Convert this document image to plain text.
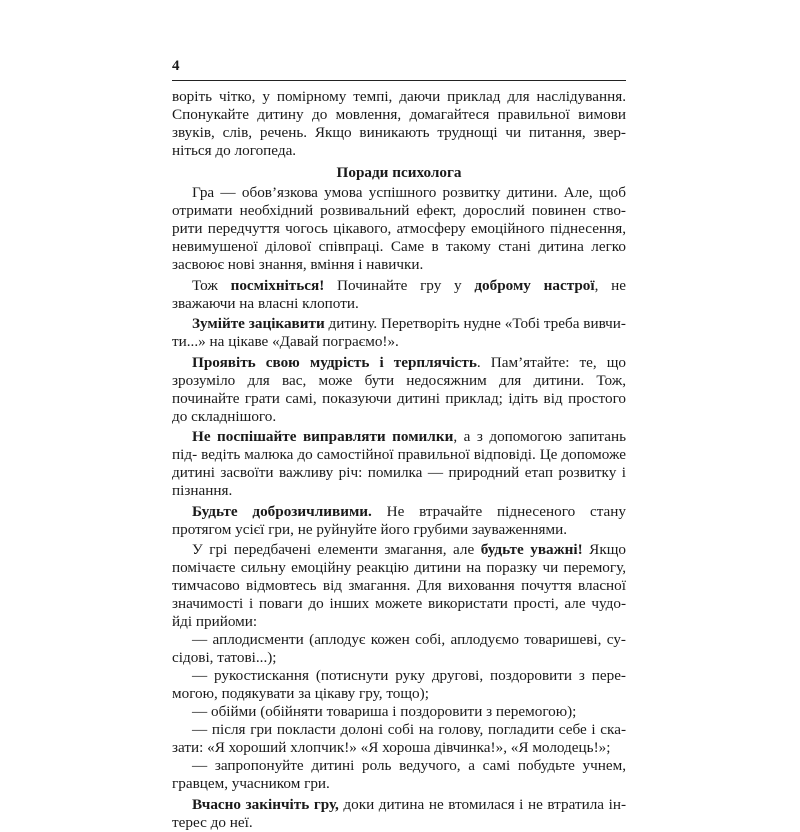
4

воріть чітко, у помірному темпі, даючи приклад для наслідування. Спонукайте дитину до мовлення, домагайтеся правильної вимови звуків, слів, речень. Якщо виникають труднощі чи питання, звер- ніться до логопеда.

Поради психолога

Гра — обов’язкова умова успішного розвитку дитини. Але, щоб отримати необхідний розвивальний ефект, дорослий повинен ство- рити передчуття чогось цікавого, атмосферу емоційного піднесення, невимушеної ділової співпраці. Саме в такому стані дитина легко засвоює нові знання, вміння і навички.

Тож посміхніться! Починайте гру у доброму настрої, не зважаючи на власні клопоти.

Зумійте зацікавити дитину. Перетворіть нудне «Тобі треба вивчи- ти...» на цікаве «Давай пограємо!».

Проявіть свою мудрість і терплячість. Пам’ятайте: те, що зрозуміло для вас, може бути недосяжним для дитини. Тож, починайте грати самі, показуючи дитині приклад; ідіть від простого до складнішого.

Не поспішайте виправляти помилки, а з допомогою запитань під- ведіть малюка до самостійної правильної відповіді. Це допоможе дитині засвоїти важливу річ: помилка — природний етап розвитку і пізнання.

Будьте доброзичливими. Не втрачайте піднесеного стану протягом усієї гри, не руйнуйте його грубими зауваженнями.

У грі передбачені елементи змагання, але будьте уважні! Якщо помічаєте сильну емоційну реакцію дитини на поразку чи перемогу, тимчасово відмовтесь від змагання. Для виховання почуття власної значимості і поваги до інших можете використати прості, але чудо- йді прийоми:

— аплодисменти (аплодує кожен собі, аплодуємо товаришеві, су- сідові, татові...);

— рукостискання (потиснути руку другові, поздоровити з пере- могою, подякувати за цікаву гру, тощо);

— обійми (обійняти товариша і поздоровити з перемогою);

— після гри покласти долоні собі на голову, погладити себе і ска- зати: «Я хороший хлопчик!» «Я хороша дівчинка!», «Я молодець!»;

— запропонуйте дитині роль ведучого, а самі побудьте учнем, гравцем, учасником гри.

Вчасно закінчіть гру, доки дитина не втомилася і не втратила ін- терес до неї.
